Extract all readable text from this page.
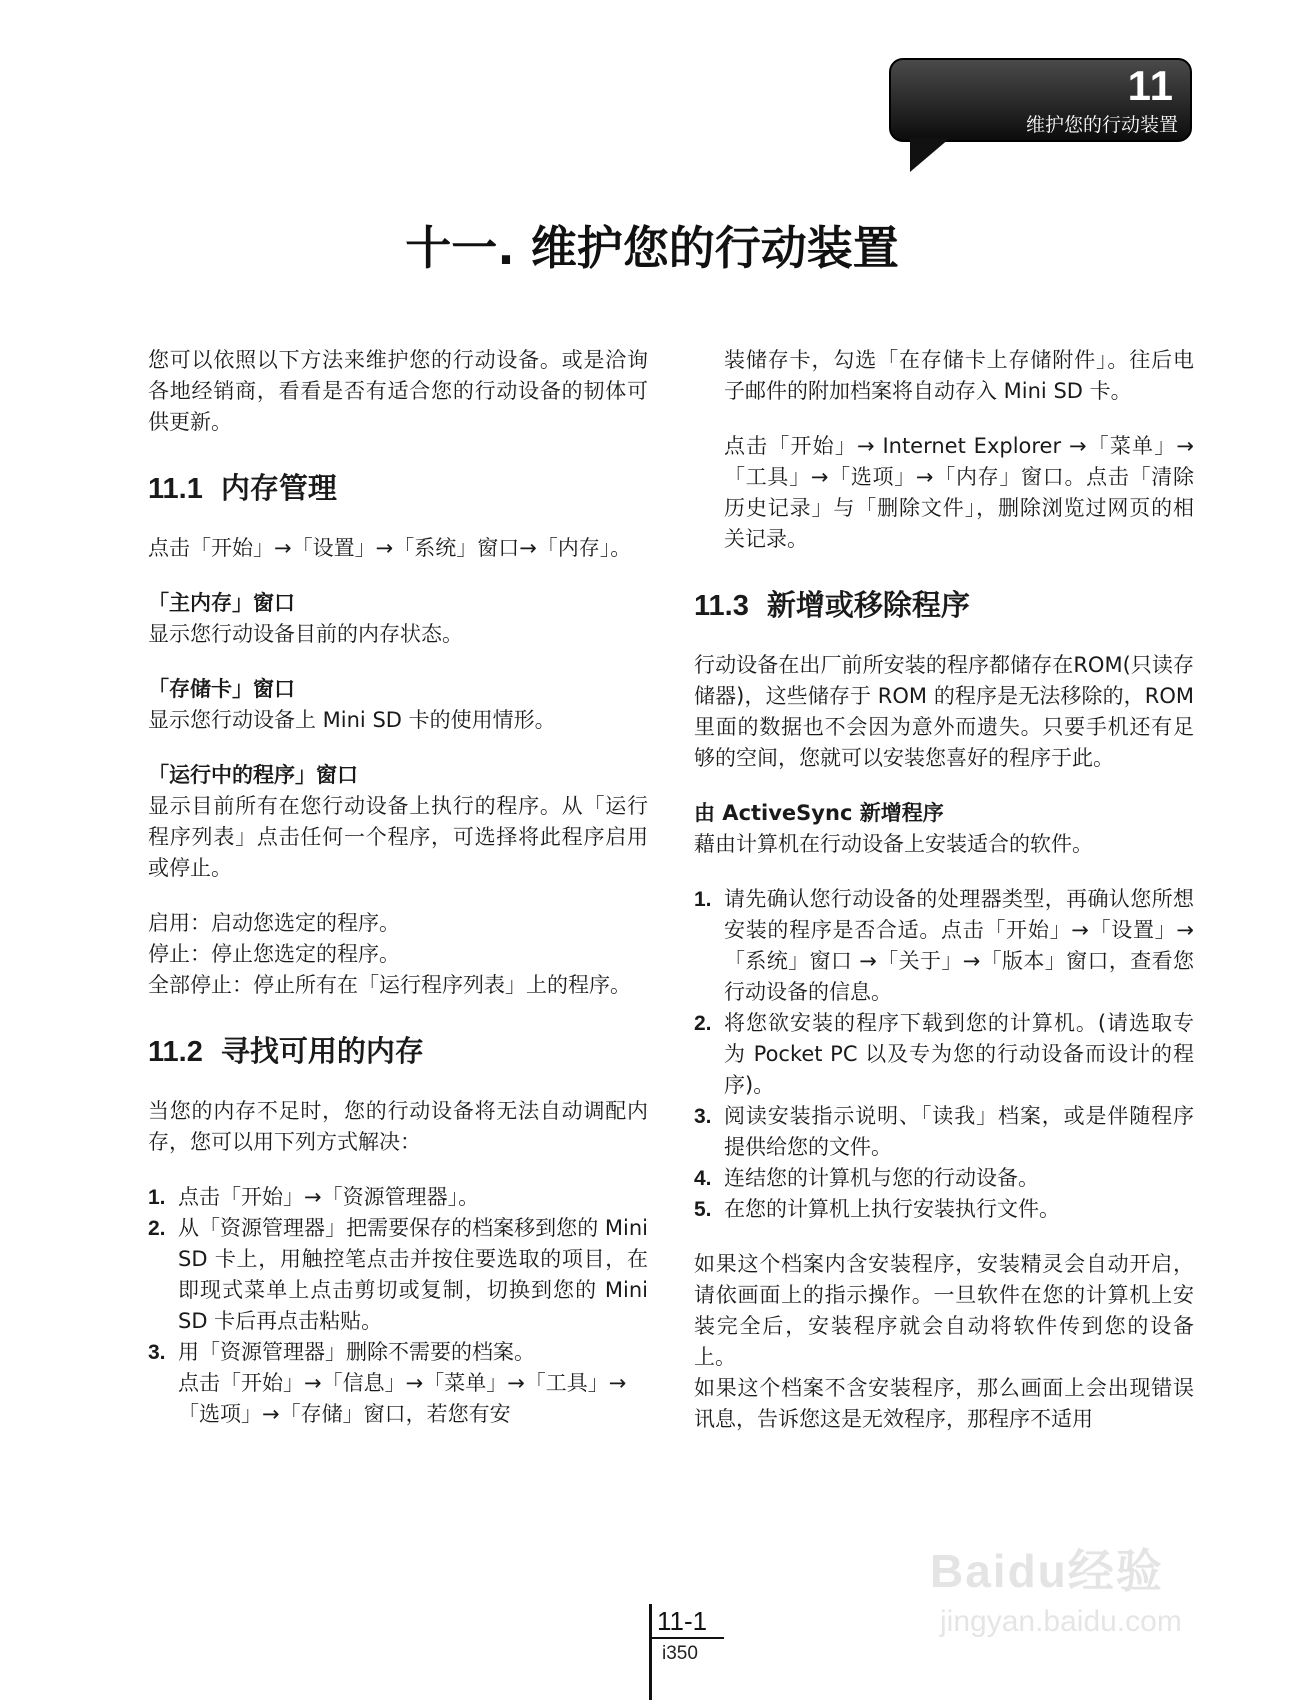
11
维护您的行动装置
十一. 维护您的行动装置

您可以依照以下方法来维护您的行动设备。或是洽询各地经销商，看看是否有适合您的行动设备的韧体可供更新。

11.1 内存管理

点击「开始」→「设置」→「系统」窗口→「内存」。

「主内存」窗口

显示您行动设备目前的内存状态。

「存储卡」窗口

显示您行动设备上 Mini SD 卡的使用情形。

「运行中的程序」窗口

显示目前所有在您行动设备上执行的程序。从「运行程序列表」点击任何一个程序，可选择将此程序启用或停止。

启用：启动您选定的程序。

停止：停止您选定的程序。

全部停止：停止所有在「运行程序列表」上的程序。

11.2 寻找可用的内存

当您的内存不足时，您的行动设备将无法自动调配内存，您可以用下列方式解决：

1. 点击「开始」→「资源管理器」。
2. 从「资源管理器」把需要保存的档案移到您的 Mini SD 卡上，用触控笔点击并按住要选取的项目，在即现式菜单上点击剪切或复制，切换到您的 Mini SD 卡后再点击粘贴。
3. 用「资源管理器」删除不需要的档案。
点击「开始」→「信息」→「菜单」→「工具」→「选项」→「存储」窗口，若您有安

装储存卡，勾选「在存储卡上存储附件」。往后电子邮件的附加档案将自动存入 Mini SD 卡。

点击「开始」→ Internet Explorer →「菜单」→ 「工具」→「选项」→「内存」窗口。点击「清除历史记录」与「删除文件」，删除浏览过网页的相关记录。

11.3 新增或移除程序

行动设备在出厂前所安装的程序都储存在ROM(只读存储器)，这些储存于 ROM 的程序是无法移除的，ROM 里面的数据也不会因为意外而遗失。只要手机还有足够的空间，您就可以安装您喜好的程序于此。

由 ActiveSync 新增程序

藉由计算机在行动设备上安装适合的软件。

1. 请先确认您行动设备的处理器类型，再确认您所想安装的程序是否合适。点击「开始」→「设置」→「系统」窗口 →「关于」→「版本」窗口，查看您行动设备的信息。
2. 将您欲安装的程序下载到您的计算机。(请选取专为 Pocket PC 以及专为您的行动设备而设计的程序)。
3. 阅读安装指示说明、「读我」档案，或是伴随程序提供给您的文件。
4. 连结您的计算机与您的行动设备。
5. 在您的计算机上执行安装执行文件。

如果这个档案内含安装程序，安装精灵会自动开启，请依画面上的指示操作。一旦软件在您的计算机上安装完全后，安装程序就会自动将软件传到您的设备上。

如果这个档案不含安装程序，那么画面上会出现错误讯息，告诉您这是无效程序，那程序不适用

11-1
i350
Baidu经验
jingyan.baidu.com
